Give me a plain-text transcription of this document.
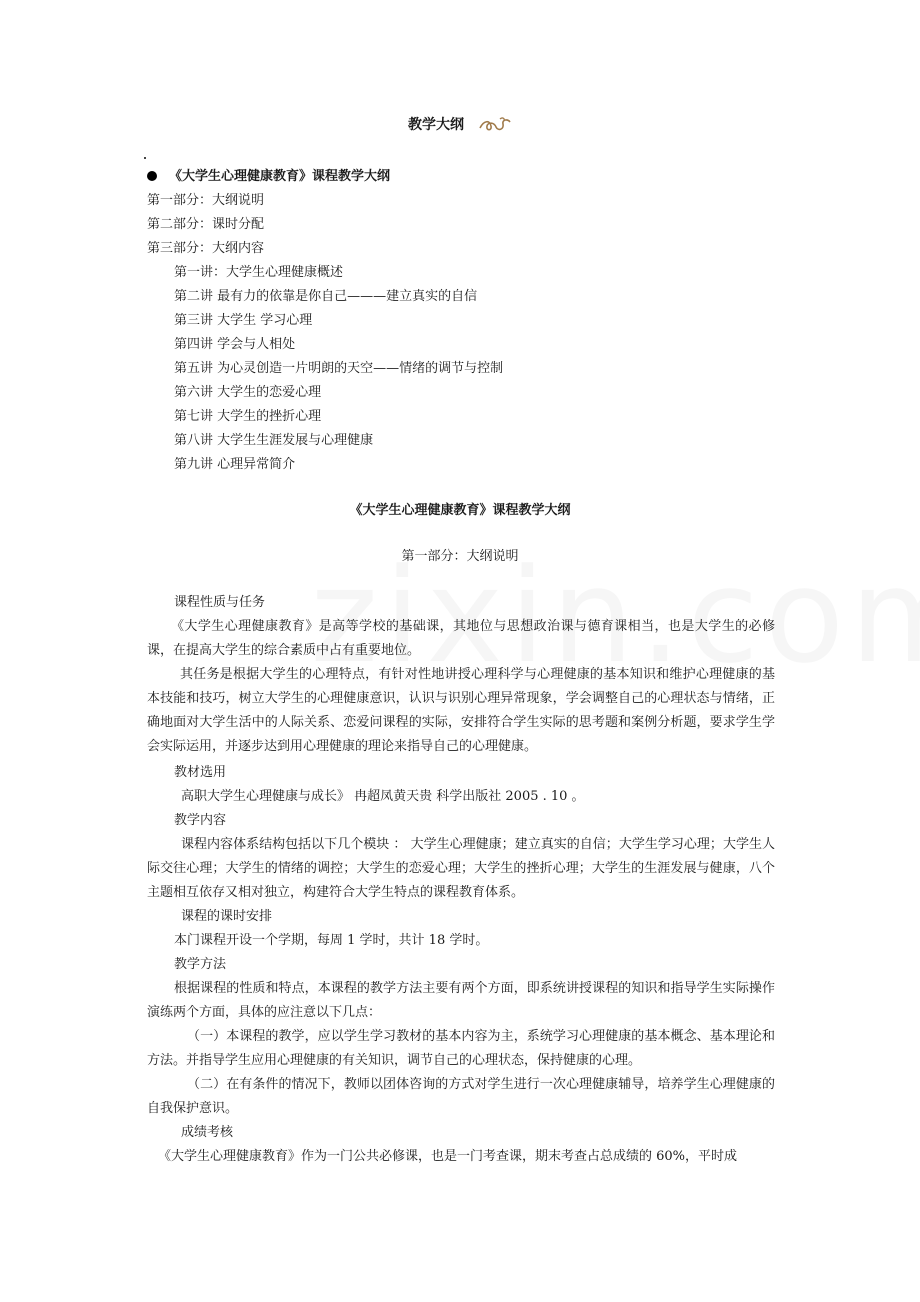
教学大纲
《大学生心理健康教育》课程教学大纲
第一部分：大纲说明
第二部分：课时分配
第三部分：大纲内容
第一讲：大学生心理健康概述
第二讲 最有力的依靠是你自己———建立真实的自信
第三讲 大学生 学习心理
第四讲 学会与人相处
第五讲 为心灵创造一片明朗的天空——情绪的调节与控制
第六讲 大学生的恋爱心理
第七讲 大学生的挫折心理
第八讲 大学生生涯发展与心理健康
第九讲 心理异常简介
《大学生心理健康教育》课程教学大纲
第一部分：大纲说明
课程性质与任务
《大学生心理健康教育》是高等学校的基础课，其地位与思想政治课与德育课相当，也是大学生的必修课，在提高大学生的综合素质中占有重要地位。
其任务是根据大学生的心理特点，有针对性地讲授心理科学与心理健康的基本知识和维护心理健康的基本技能和技巧，树立大学生的心理健康意识，认识与识别心理异常现象，学会调整自己的心理状态与情绪，正确地面对大学生活中的人际关系、恋爱问课程的实际，安排符合学生实际的思考题和案例分析题，要求学生学会实际运用，并逐步达到用心理健康的理论来指导自己的心理健康。
教材选用
高职大学生心理健康与成长》 冉超凤黄天贵 科学出版社 2005 . 10 。
教学内容
课程内容体系结构包括以下几个模块 ： 大学生心理健康；建立真实的自信；大学生学习心理；大学生人际交往心理；大学生的情绪的调控；大学生的恋爱心理；大学生的挫折心理；大学生的生涯发展与健康，八个 主题相互依存又相对独立，构建符合大学生特点的课程教育体系。
课程的课时安排
本门课程开设一个学期，每周 1 学时，共计 18 学时。
教学方法
根据课程的性质和特点，本课程的教学方法主要有两个方面，即系统讲授课程的知识和指导学生实际操作演练两个方面，具体的应注意以下几点：
（一）本课程的教学，应以学生学习教材的基本内容为主，系统学习心理健康的基本概念、基本理论和方法。并指导学生应用心理健康的有关知识，调节自己的心理状态，保持健康的心理。
（二）在有条件的情况下，教师以团体咨询的方式对学生进行一次心理健康辅导，培养学生心理健康的自我保护意识。
成绩考核
《大学生心理健康教育》作为一门公共必修课，也是一门考查课，期末考查占总成绩的 60%，平时成
